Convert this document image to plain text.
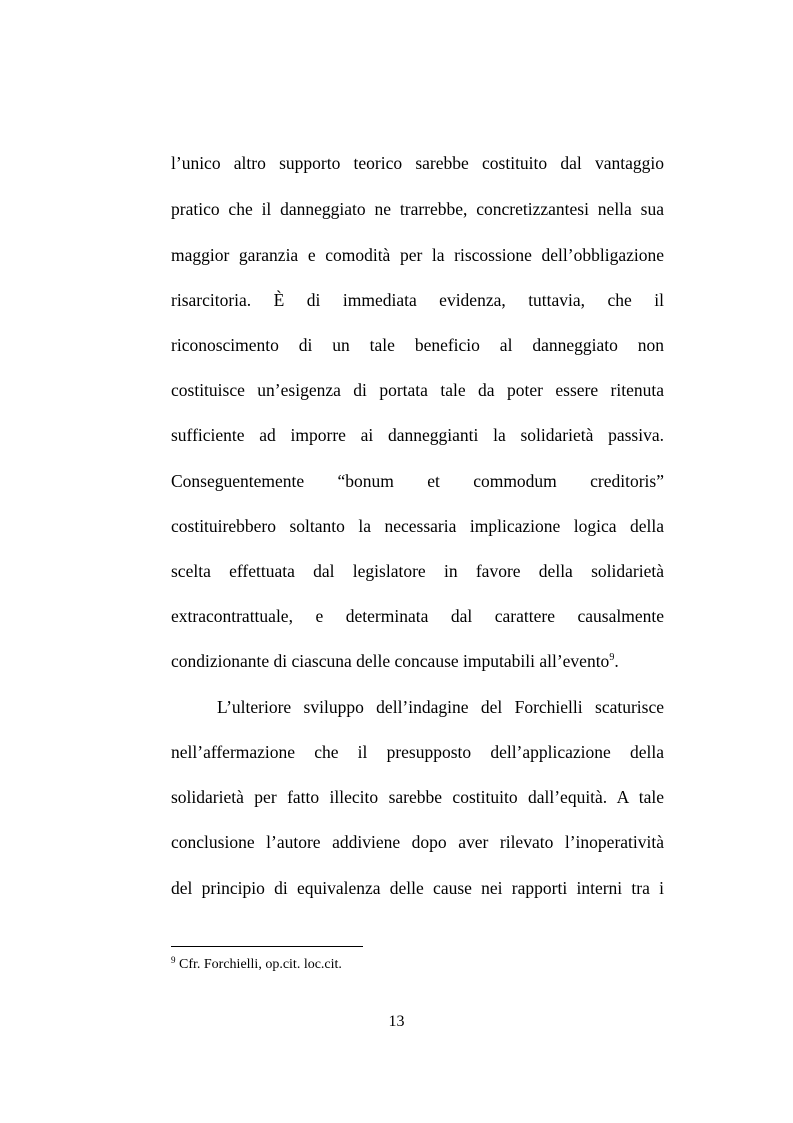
l’unico altro supporto teorico sarebbe costituito dal vantaggio
pratico che il danneggiato ne trarrebbe, concretizzantesi nella sua
maggior garanzia e comodità per la riscossione dell’obbligazione
risarcitoria. È di immediata evidenza, tuttavia, che il
riconoscimento di un tale beneficio al danneggiato non
costituisce un’esigenza di portata tale da poter essere ritenuta
sufficiente ad imporre ai danneggianti la solidarietà passiva.
Conseguentemente “bonum et commodum creditoris”
costituirebbero soltanto la necessaria implicazione logica della
scelta effettuata dal legislatore in favore della solidarietà
extracontrattuale, e determinata dal carattere causalmente
condizionante di ciascuna delle concause imputabili all’evento$^9$.
L’ulteriore sviluppo dell’indagine del Forchielli scaturisce
nell’affermazione che il presupposto dell’applicazione della
solidarietà per fatto illecito sarebbe costituito dall’equità. A tale
conclusione l’autore addiviene dopo aver rilevato l’inoperatività
del principio di equivalenza delle cause nei rapporti interni tra i
$^9$ Cfr. Forchielli, op.cit. loc.cit.
13
